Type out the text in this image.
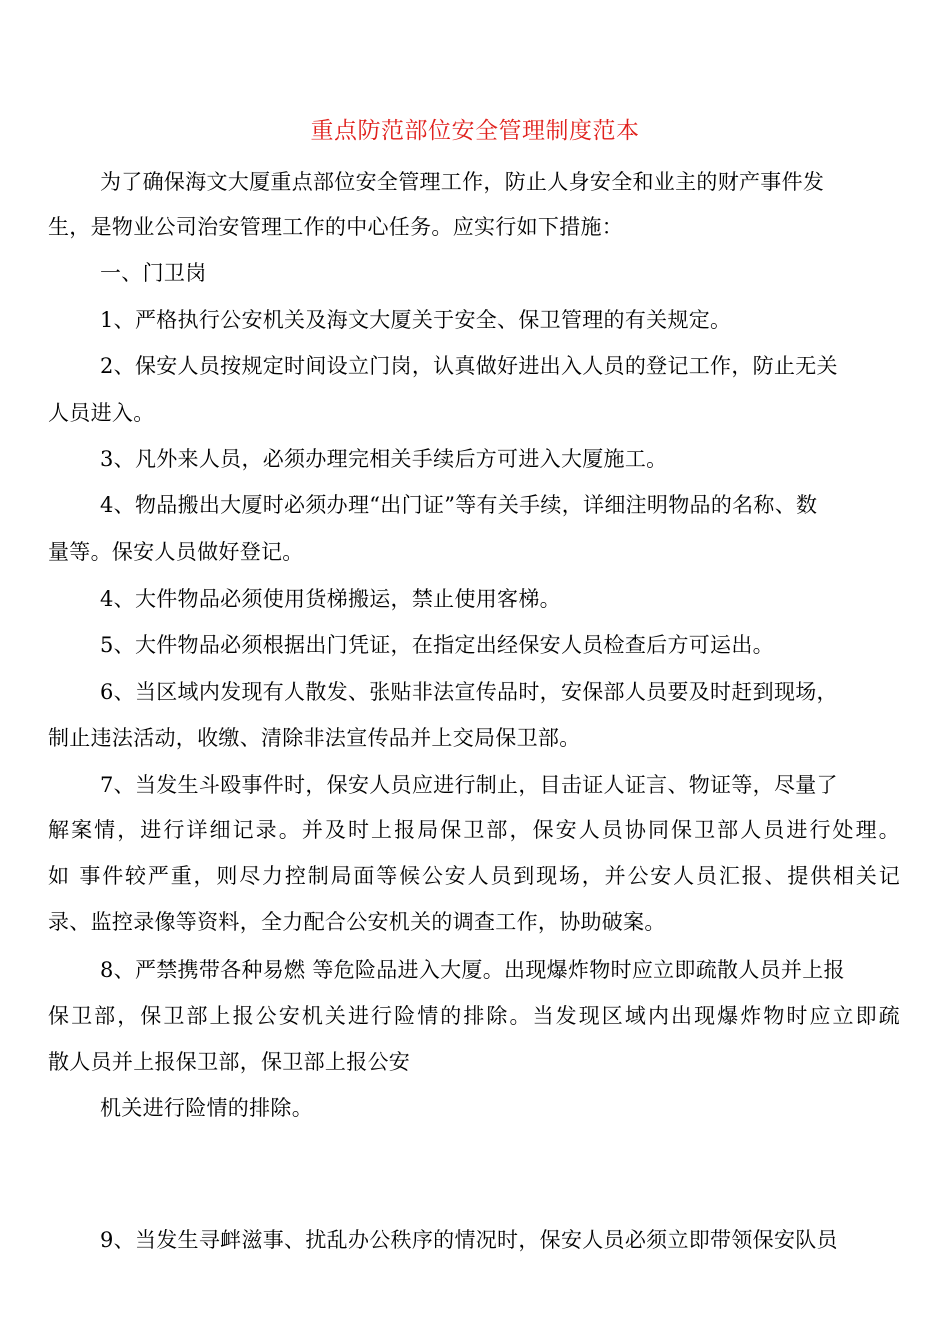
重点防范部位安全管理制度范本
为了确保海文大厦重点部位安全管理工作，防止人身安全和业主的财产事件发
生，是物业公司治安管理工作的中心任务。应实行如下措施：
一、门卫岗
1、严格执行公安机关及海文大厦关于安全、保卫管理的有关规定。
2、保安人员按规定时间设立门岗，认真做好进出入人员的登记工作，防止无关
人员进入。
3、凡外来人员，必须办理完相关手续后方可进入大厦施工。
4、物品搬出大厦时必须办理“出门证”等有关手续，详细注明物品的名称、数
量等。保安人员做好登记。
4、大件物品必须使用货梯搬运，禁止使用客梯。
5、大件物品必须根据出门凭证，在指定出经保安人员检查后方可运出。
6、当区域内发现有人散发、张贴非法宣传品时，安保部人员要及时赶到现场，
制止违法活动，收缴、清除非法宣传品并上交局保卫部。
7、当发生斗殴事件时，保安人员应进行制止，目击证人证言、物证等，尽量了
解案情，进行详细记录。并及时上报局保卫部，保安人员协同保卫部人员进行处理。
如 事件较严重，则尽力控制局面等候公安人员到现场，并公安人员汇报、提供相关记
录、监控录像等资料，全力配合公安机关的调查工作，协助破案。
8、严禁携带各种易燃 等危险品进入大厦。出现爆炸物时应立即疏散人员并上报
保卫部，保卫部上报公安机关进行险情的排除。当发现区域内出现爆炸物时应立即疏
散人员并上报保卫部，保卫部上报公安
机关进行险情的排除。
9、当发生寻衅滋事、扰乱办公秩序的情况时，保安人员必须立即带领保安队员
